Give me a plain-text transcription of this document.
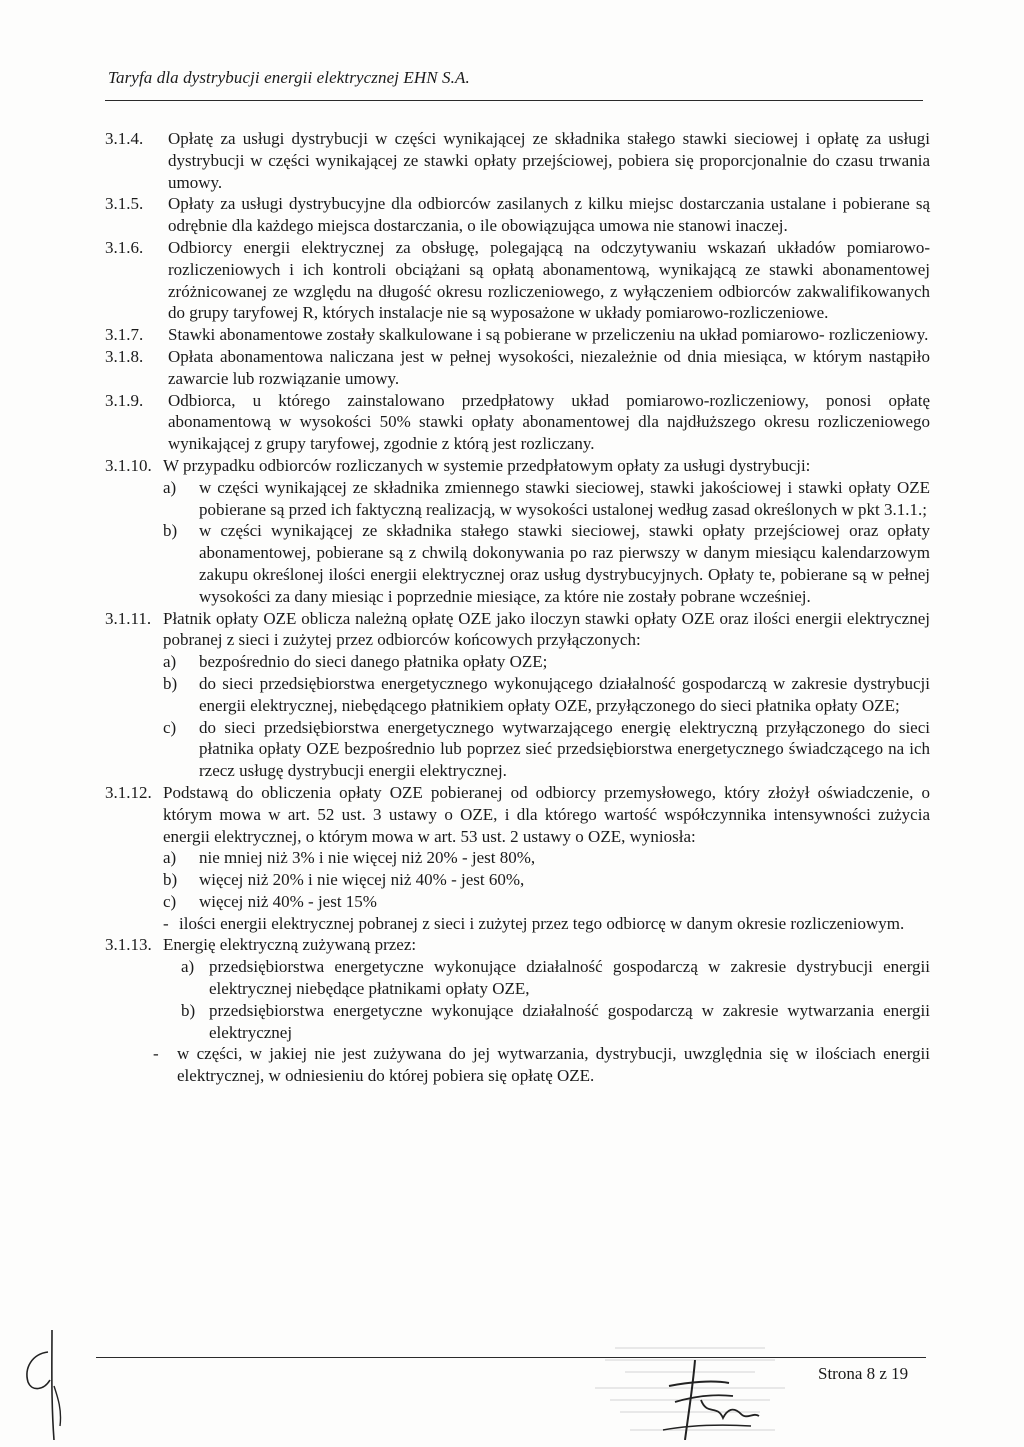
Taryfa dla dystrybucji energii elektrycznej EHN S.A.
3.1.4.	Opłatę za usługi dystrybucji w części wynikającej ze składnika stałego stawki sieciowej i opłatę za usługi dystrybucji w części wynikającej ze stawki opłaty przejściowej, pobiera się proporcjonalnie do czasu trwania umowy.
3.1.5.	Opłaty za usługi dystrybucyjne dla odbiorców zasilanych z kilku miejsc dostarczania ustalane i pobierane są odrębnie dla każdego miejsca dostarczania, o ile obowiązująca umowa nie stanowi inaczej.
3.1.6.	Odbiorcy energii elektrycznej za obsługę, polegającą na odczytywaniu wskazań układów pomiarowo-rozliczeniowych i ich kontroli obciążani są opłatą abonamentową, wynikającą ze stawki abonamentowej zróżnicowanej ze względu na długość okresu rozliczeniowego, z wyłączeniem odbiorców zakwalifikowanych do grupy taryfowej R, których instalacje nie są wyposażone w układy pomiarowo-rozliczeniowe.
3.1.7.	Stawki abonamentowe zostały skalkulowane i są pobierane w przeliczeniu na układ pomiarowo- rozliczeniowy.
3.1.8.	Opłata abonamentowa naliczana jest w pełnej wysokości, niezależnie od dnia miesiąca, w którym nastąpiło zawarcie lub rozwiązanie umowy.
3.1.9.	Odbiorca, u którego zainstalowano przedpłatowy układ pomiarowo-rozliczeniowy, ponosi opłatę abonamentową w wysokości 50% stawki opłaty abonamentowej dla najdłuższego okresu rozliczeniowego wynikającej z grupy taryfowej, zgodnie z którą jest rozliczany.
3.1.10. W przypadku odbiorców rozliczanych w systemie przedpłatowym opłaty za usługi dystrybucji:
a)	w części wynikającej ze składnika zmiennego stawki sieciowej, stawki jakościowej i stawki opłaty OZE pobierane są przed ich faktyczną realizacją, w wysokości ustalonej według zasad określonych w pkt 3.1.1.;
b)	w części wynikającej ze składnika stałego stawki sieciowej, stawki opłaty przejściowej oraz opłaty abonamentowej, pobierane są z chwilą dokonywania po raz pierwszy w danym miesiącu kalendarzowym zakupu określonej ilości energii elektrycznej oraz usług dystrybucyjnych. Opłaty te, pobierane są w pełnej wysokości za dany miesiąc i poprzednie miesiące, za które nie zostały pobrane wcześniej.
3.1.11. Płatnik opłaty OZE oblicza należną opłatę OZE jako iloczyn stawki opłaty OZE oraz ilości energii elektrycznej pobranej z sieci i zużytej przez odbiorców końcowych przyłączonych:
a)	bezpośrednio do sieci danego płatnika opłaty OZE;
b)	do sieci przedsiębiorstwa energetycznego wykonującego działalność gospodarczą w zakresie dystrybucji energii elektrycznej, niebędącego płatnikiem opłaty OZE, przyłączonego do sieci płatnika opłaty OZE;
c)	do sieci przedsiębiorstwa energetycznego wytwarzającego energię elektryczną przyłączonego do sieci płatnika opłaty OZE bezpośrednio lub poprzez sieć przedsiębiorstwa energetycznego świadczącego na ich rzecz usługę dystrybucji energii elektrycznej.
3.1.12. Podstawą do obliczenia opłaty OZE pobieranej od odbiorcy przemysłowego, który złożył oświadczenie, o którym mowa w art. 52 ust. 3 ustawy o OZE, i dla którego wartość współczynnika intensywności zużycia energii elektrycznej, o którym mowa w art. 53 ust. 2 ustawy o OZE, wyniosła:
a)	nie mniej niż 3% i nie więcej niż 20% - jest 80%,
b)	więcej niż 20% i nie więcej niż 40% - jest 60%,
c)	więcej niż 40% - jest 15%
- ilości energii elektrycznej pobranej z sieci i zużytej przez tego odbiorcę w danym okresie rozliczeniowym.
3.1.13. Energię elektryczną zużywaną przez:
a) przedsiębiorstwa energetyczne wykonujące działalność gospodarczą w zakresie dystrybucji energii elektrycznej niebędące płatnikami opłaty OZE,
b) przedsiębiorstwa energetyczne wykonujące działalność gospodarczą w zakresie wytwarzania energii elektrycznej
-	w części, w jakiej nie jest zużywana do jej wytwarzania, dystrybucji, uwzględnia się w ilościach energii elektrycznej, w odniesieniu do której pobiera się opłatę OZE.
Strona 8 z 19
